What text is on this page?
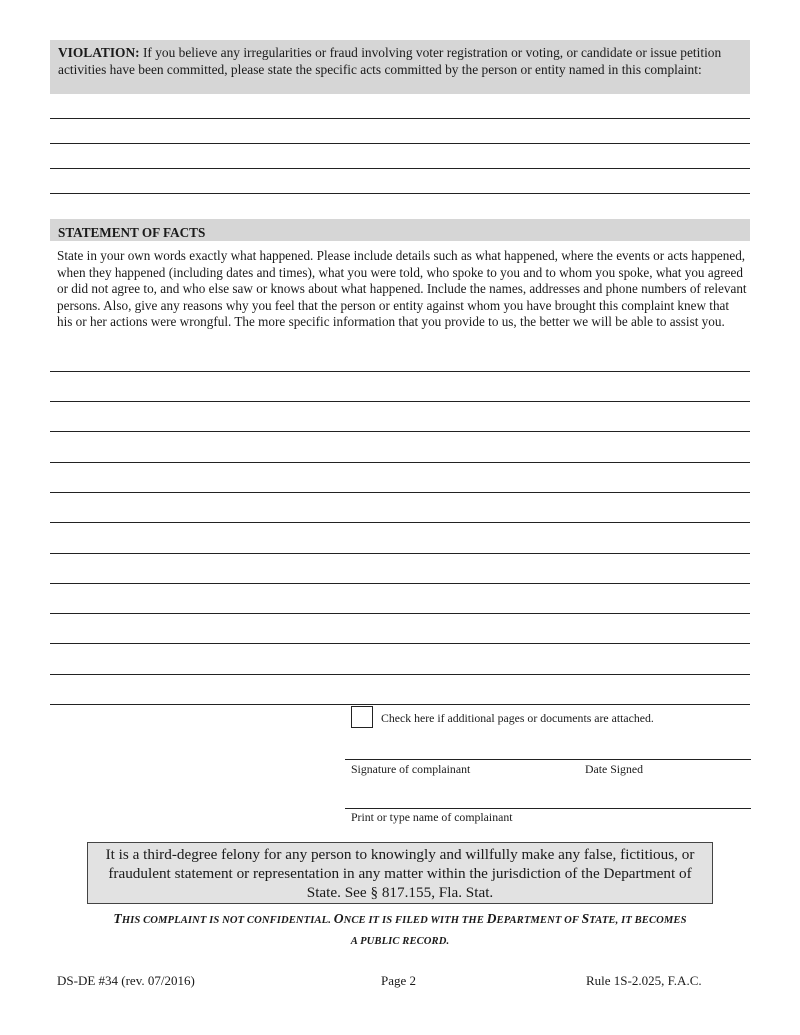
VIOLATION: If you believe any irregularities or fraud involving voter registration or voting, or candidate or issue petition activities have been committed, please state the specific acts committed by the person or entity named in this complaint:
STATEMENT OF FACTS
State in your own words exactly what happened. Please include details such as what happened, where the events or acts happened, when they happened (including dates and times), what you were told, who spoke to you and to whom you spoke, what you agreed or did not agree to, and who else saw or knows about what happened. Include the names, addresses and phone numbers of relevant persons. Also, give any reasons why you feel that the person or entity against whom you have brought this complaint knew that his or her actions were wrongful. The more specific information that you provide to us, the better we will be able to assist you.
Check here if additional pages or documents are attached.
Signature of complainant	Date Signed
Print or type name of complainant
It is a third-degree felony for any person to knowingly and willfully make any false, fictitious, or fraudulent statement or representation in any matter within the jurisdiction of the Department of State. See § 817.155, Fla. Stat.
THIS COMPLAINT IS NOT CONFIDENTIAL. ONCE IT IS FILED WITH THE DEPARTMENT OF STATE, IT BECOMES
A PUBLIC RECORD.
DS-DE #34 (rev. 07/2016)	Page 2	Rule 1S-2.025, F.A.C.
